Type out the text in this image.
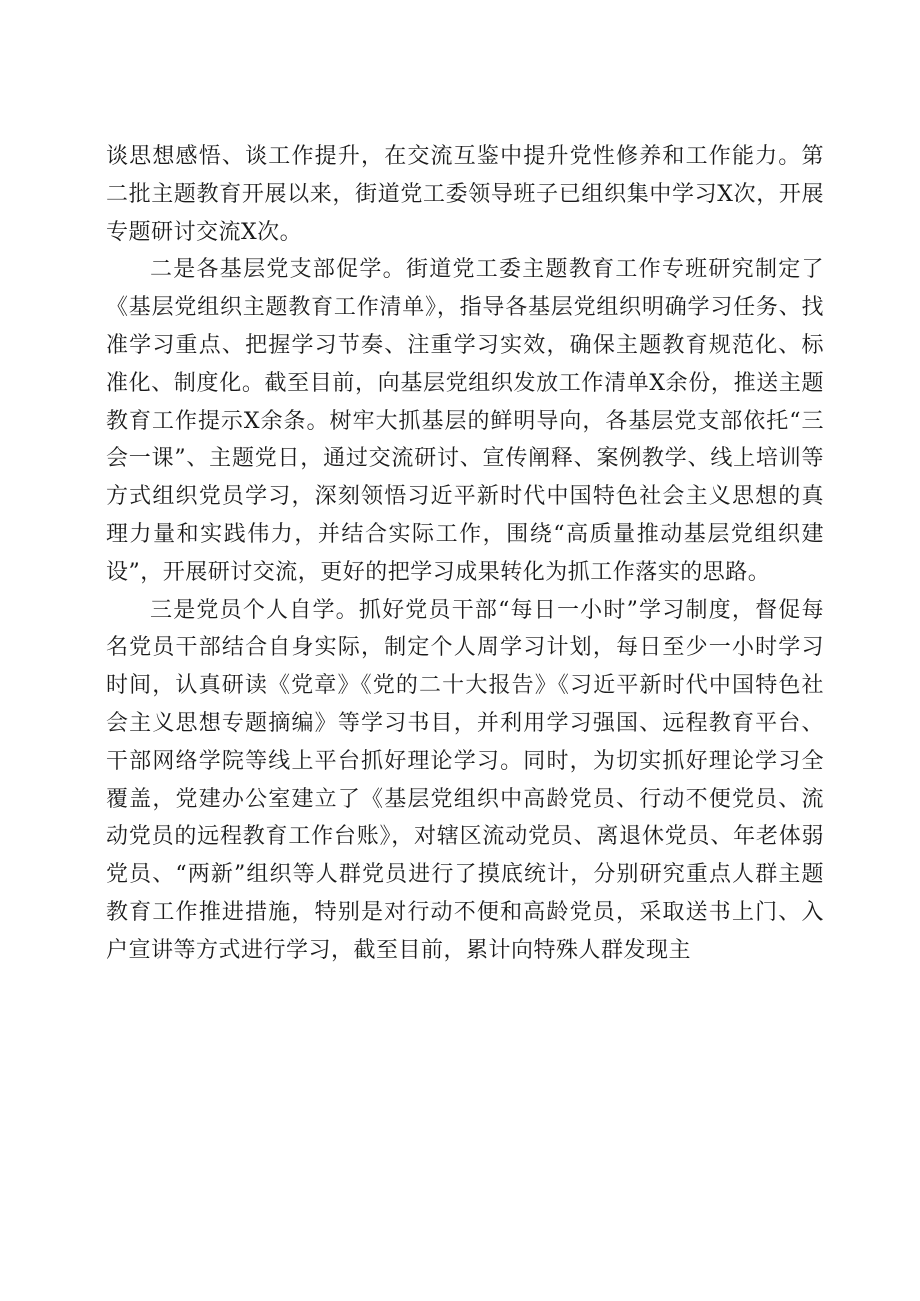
谈思想感悟、谈工作提升，在交流互鉴中提升党性修养和工作能力。第二批主题教育开展以来，街道党工委领导班子已组织集中学习X次，开展专题研讨交流X次。

二是各基层党支部促学。街道党工委主题教育工作专班研究制定了《基层党组织主题教育工作清单》，指导各基层党组织明确学习任务、找准学习重点、把握学习节奏、注重学习实效，确保主题教育规范化、标准化、制度化。截至目前，向基层党组织发放工作清单X余份，推送主题教育工作提示X余条。树牢大抓基层的鲜明导向，各基层党支部依托“三会一课”、主题党日，通过交流研讨、宣传阐释、案例教学、线上培训等方式组织党员学习，深刻领悟习近平新时代中国特色社会主义思想的真理力量和实践伟力，并结合实际工作，围绕“高质量推动基层党组织建设”，开展研讨交流，更好的把学习成果转化为抓工作落实的思路。

三是党员个人自学。抓好党员干部“每日一小时”学习制度，督促每名党员干部结合自身实际，制定个人周学习计划，每日至少一小时学习时间，认真研读《党章》《党的二十大报告》《习近平新时代中国特色社会主义思想专题摘编》等学习书目，并利用学习强国、远程教育平台、干部网络学院等线上平台抓好理论学习。同时，为切实抓好理论学习全覆盖，党建办公室建立了《基层党组织中高龄党员、行动不便党员、流动党员的远程教育工作台账》，对辖区流动党员、离退休党员、年老体弱党员、“两新”组织等人群党员进行了摸底统计，分别研究重点人群主题教育工作推进措施，特别是对行动不便和高龄党员，采取送书上门、入户宣讲等方式进行学习，截至目前，累计向特殊人群发现主
